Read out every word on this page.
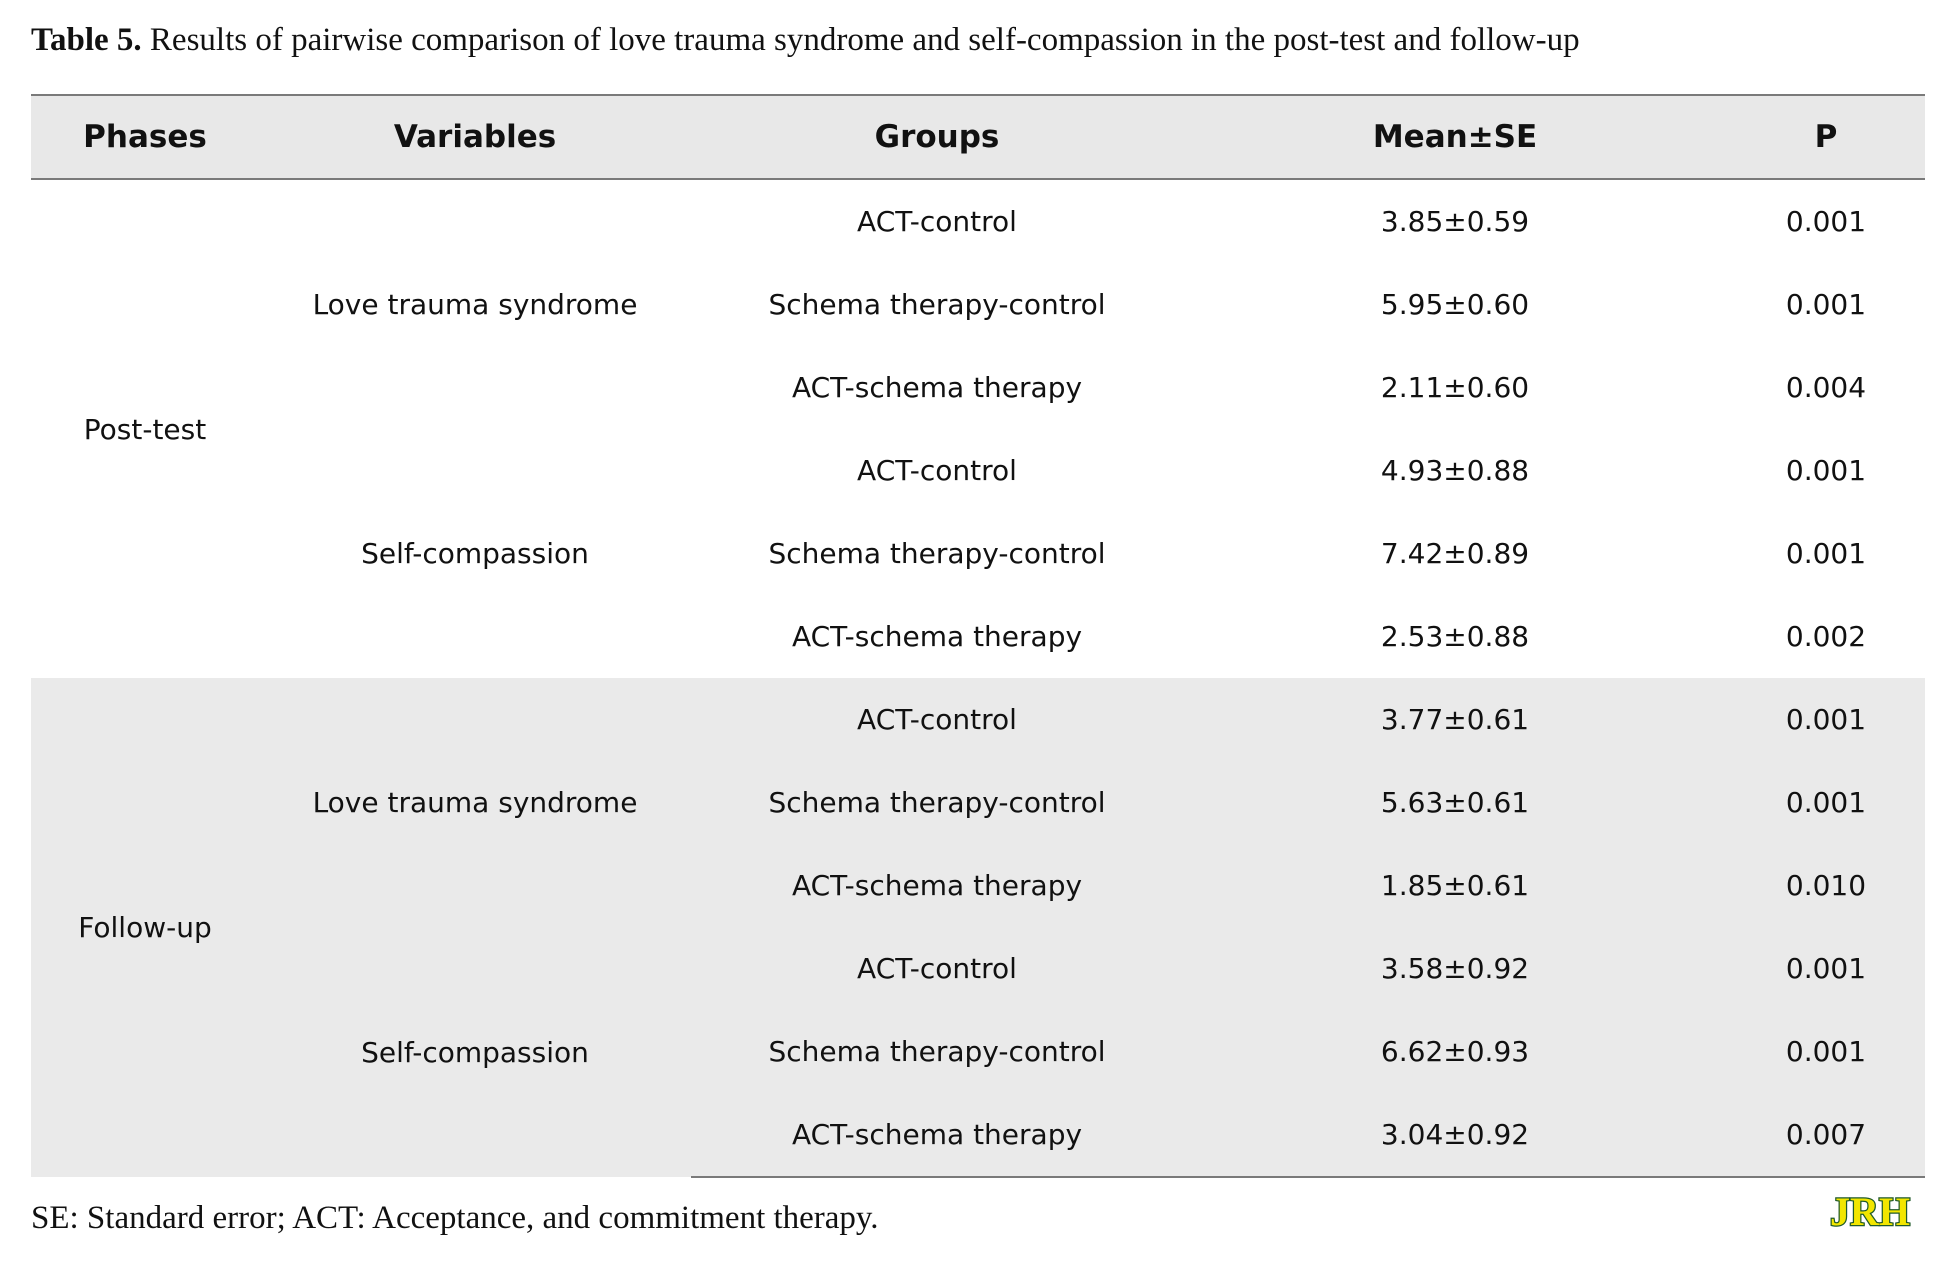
Table 5. Results of pairwise comparison of love trauma syndrome and self-compassion in the post-test and follow-up
Phases	Variables	Groups	Mean±SE	P
Post-test	Love trauma syndrome	ACT-control	3.85±0.59	0.001
		Schema therapy-control	5.95±0.60	0.001
		ACT-schema therapy	2.11±0.60	0.004
	Self-compassion	ACT-control	4.93±0.88	0.001
		Schema therapy-control	7.42±0.89	0.001
		ACT-schema therapy	2.53±0.88	0.002
Follow-up	Love trauma syndrome	ACT-control	3.77±0.61	0.001
		Schema therapy-control	5.63±0.61	0.001
		ACT-schema therapy	1.85±0.61	0.010
	Self-compassion	ACT-control	3.58±0.92	0.001
		Schema therapy-control	6.62±0.93	0.001
		ACT-schema therapy	3.04±0.92	0.007
SE: Standard error; ACT: Acceptance, and commitment therapy.	JRH
